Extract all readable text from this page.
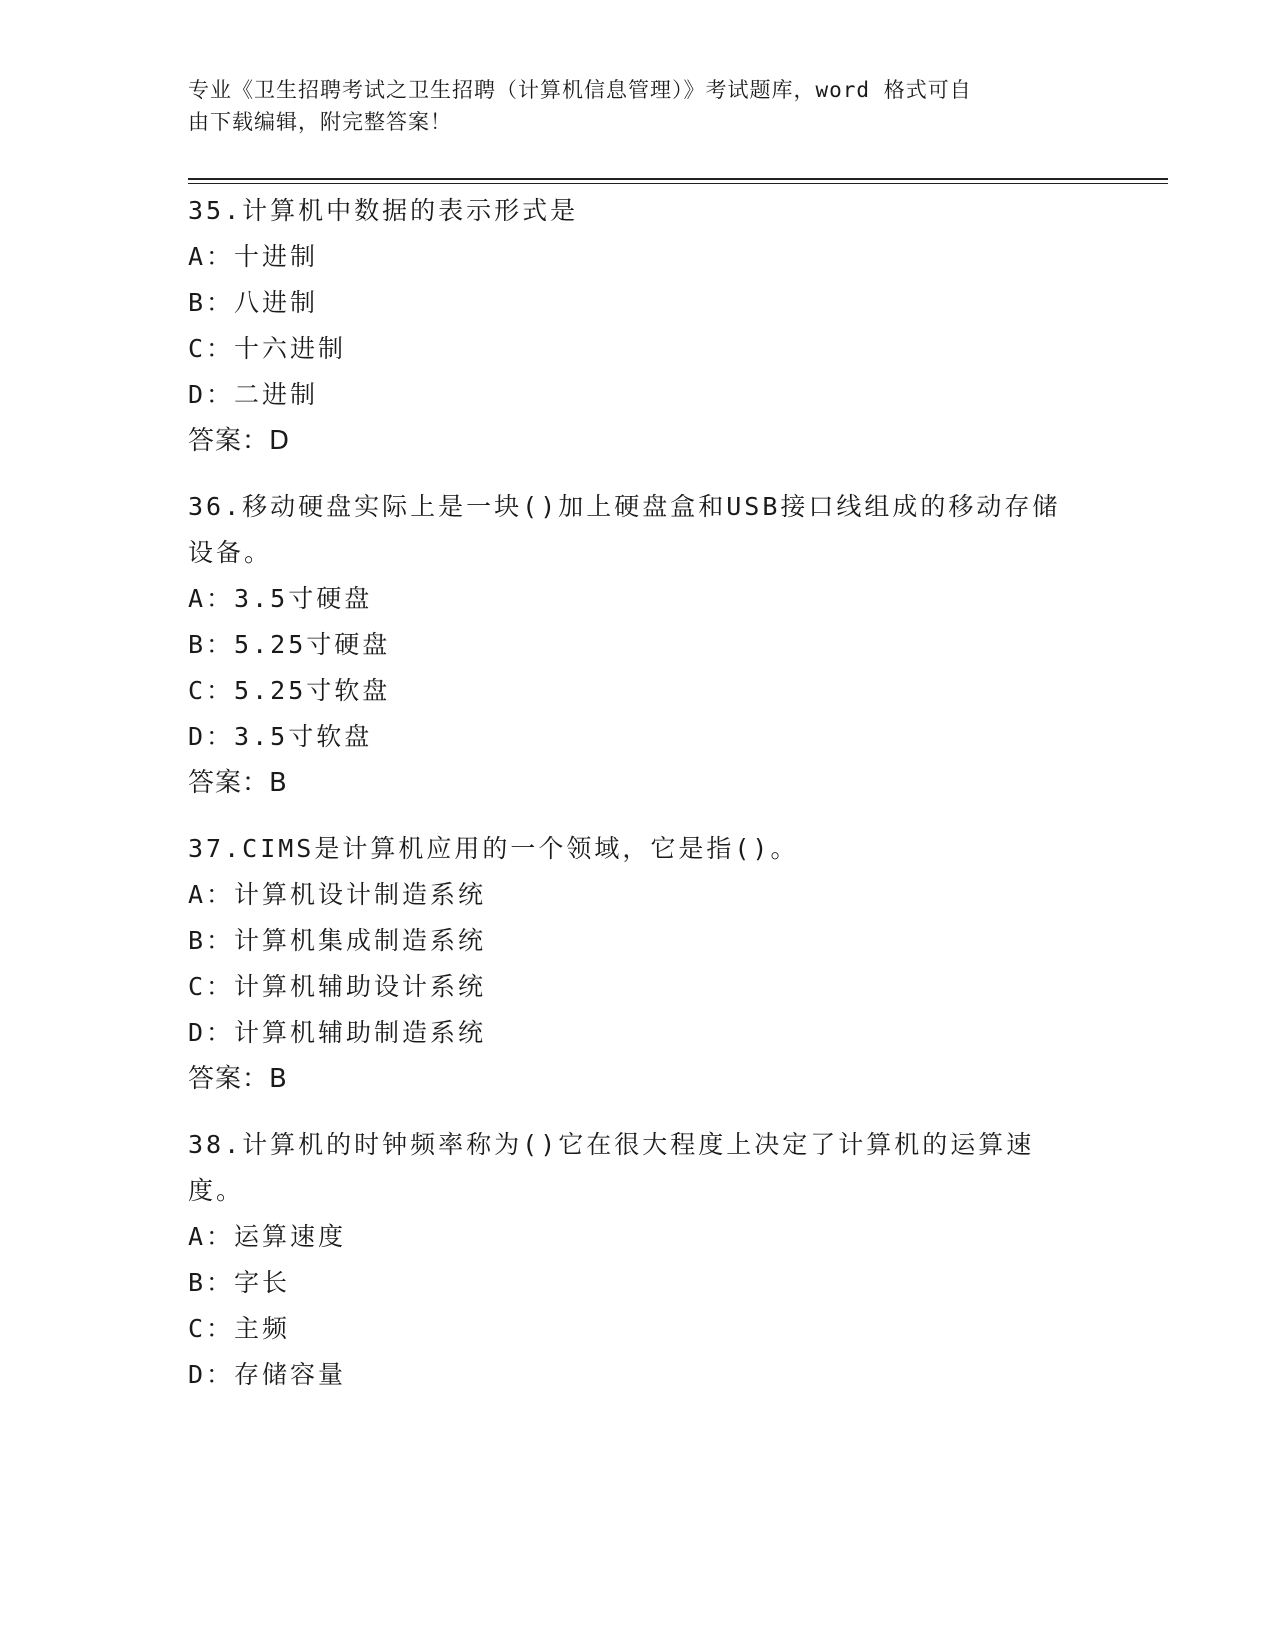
专业《卫生招聘考试之卫生招聘（计算机信息管理）》考试题库，word 格式可自
由下载编辑，附完整答案！
35.计算机中数据的表示形式是
A：十进制
B：八进制
C：十六进制
D：二进制
答案：D
36.移动硬盘实际上是一块()加上硬盘盒和USB接口线组成的移动存储设备。
A：3.5寸硬盘
B：5.25寸硬盘
C：5.25寸软盘
D：3.5寸软盘
答案：B
37.CIMS是计算机应用的一个领域，它是指()。
A：计算机设计制造系统
B：计算机集成制造系统
C：计算机辅助设计系统
D：计算机辅助制造系统
答案：B
38.计算机的时钟频率称为()它在很大程度上决定了计算机的运算速度。
A：运算速度
B：字长
C：主频
D：存储容量
